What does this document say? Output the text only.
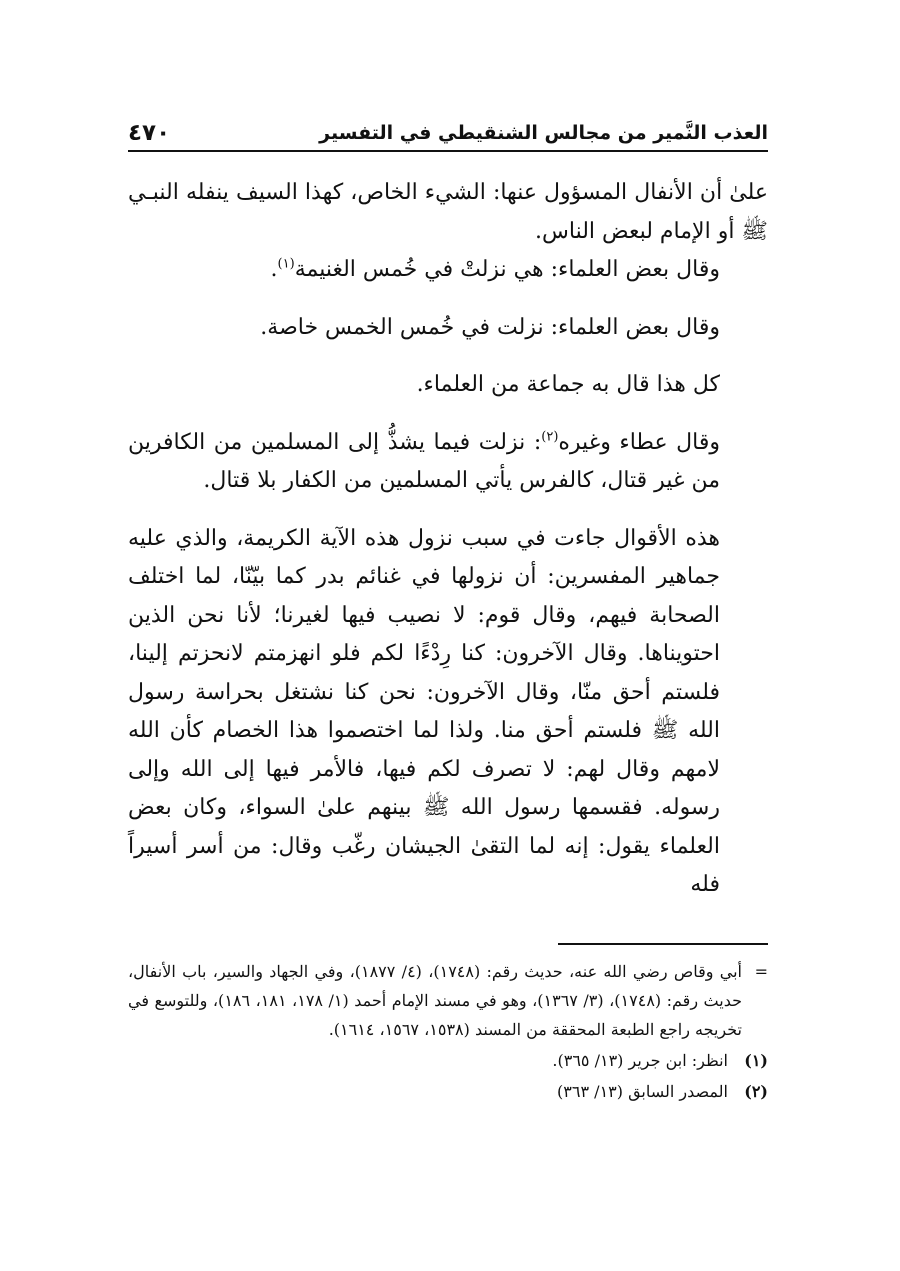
العذب النَّمير من مجالس الشنقيطي في التفسير
٤٧٠

علىٰ أن الأنفال المسؤول عنها: الشيء الخاص، كهذا السيف ينفله النبـي ﷺ أو الإمام لبعض الناس.

وقال بعض العلماء: هي نزلتْ في خُمس الغنيمة$^{(١)}$.

وقال بعض العلماء: نزلت في خُمس الخمس خاصة.

كل هذا قال به جماعة من العلماء.

وقال عطاء وغيره$^{(٢)}$: نزلت فيما يشذُّ إلى المسلمين من الكافرين من غير قتال، كالفرس يأتي المسلمين من الكفار بلا قتال.

هذه الأقوال جاءت في سبب نزول هذه الآية الكريمة، والذي عليه جماهير المفسرين: أن نزولها في غنائم بدر كما بيّنّا، لما اختلف الصحابة فيهم، وقال قوم: لا نصيب فيها لغيرنا؛ لأنا نحن الذين احتويناها. وقال الآخرون: كنا رِدْءًا لكم فلو انهزمتم لانحزتم إلينا، فلستم أحق منّا، وقال الآخرون: نحن كنا نشتغل بحراسة رسول الله ﷺ فلستم أحق منا. ولذا لما اختصموا هذا الخصام كأن الله لامهم وقال لهم: لا تصرف لكم فيها، فالأمر فيها إلى الله وإلى رسوله. فقسمها رسول الله ﷺ بينهم علىٰ السواء، وكان بعض العلماء يقول: إنه لما التقىٰ الجيشان رغّب وقال: من أسر أسيراً فله

=
أبي وقاص رضي الله عنه، حديث رقم: (١٧٤٨)، (٤/ ١٨٧٧)، وفي الجهاد والسير، باب الأنفال، حديث رقم: (١٧٤٨)، (٣/ ١٣٦٧)، وهو في مسند الإمام أحمد (١/ ١٧٨، ١٨١، ١٨٦)، وللتوسع في تخريجه راجع الطبعة المحققة من المسند (١٥٣٨، ١٥٦٧، ١٦١٤).
(١)
انظر: ابن جرير (١٣/ ٣٦٥).
(٢)
المصدر السابق (١٣/ ٣٦٣)
